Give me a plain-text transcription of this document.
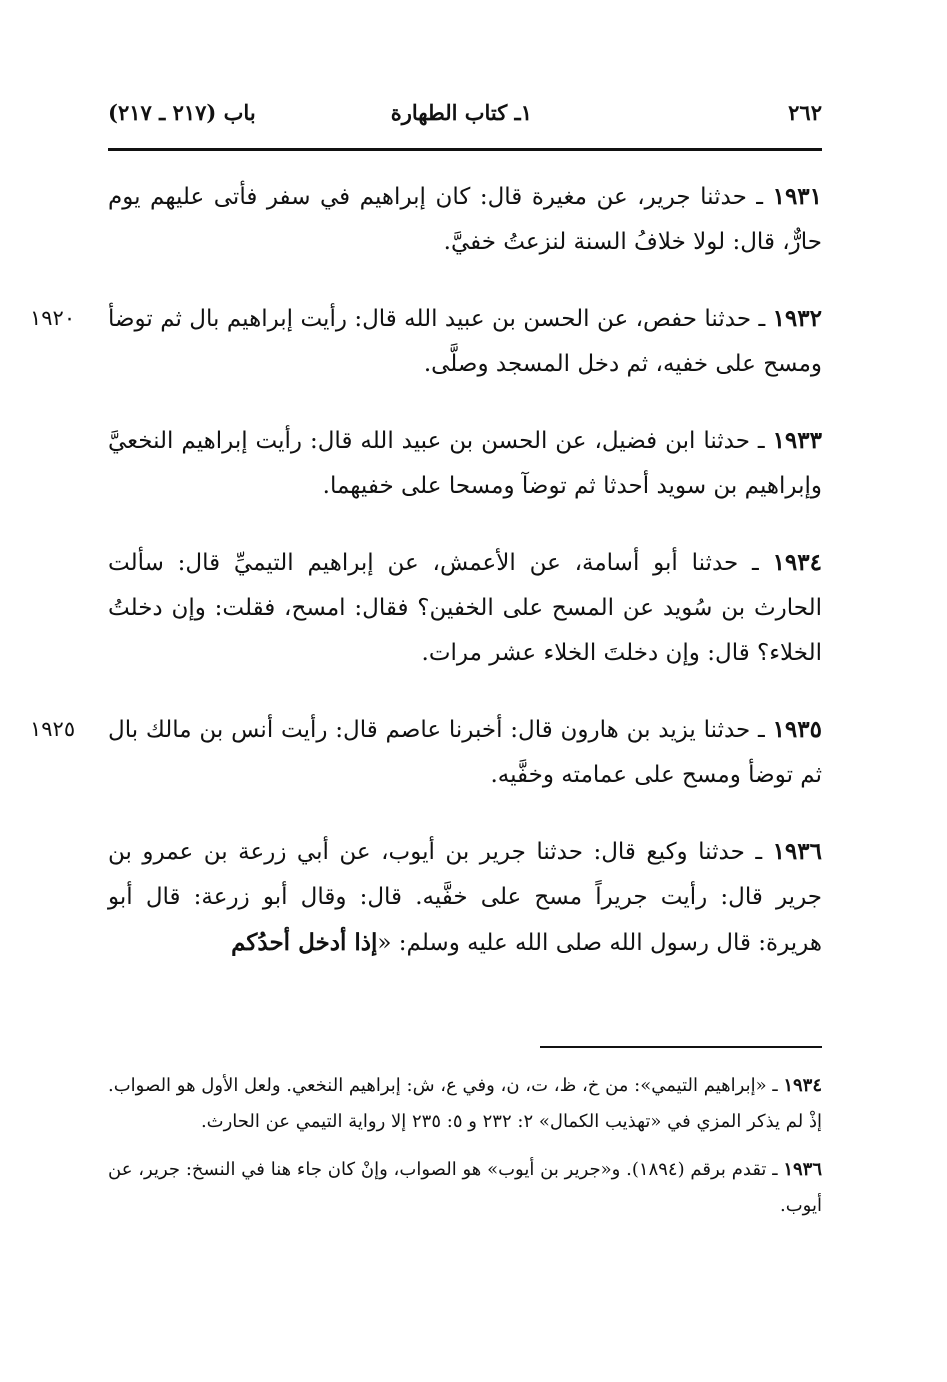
٢٦٢
١ـ كتاب الطهارة
باب (٢١٧ ـ ٢١٧)

١٩٣١ ـ حدثنا جرير، عن مغيرة قال: كان إبراهيم في سفر فأتى عليهم يوم حارٌّ، قال: لولا خلافُ السنة لنزعتُ خفيَّ.

١٩٢٠	١٩٣٢ ـ حدثنا حفص، عن الحسن بن عبيد الله قال: رأيت إبراهيم بال ثم توضأ ومسح على خفيه، ثم دخل المسجد وصلَّى.

١٩٣٣ ـ حدثنا ابن فضيل، عن الحسن بن عبيد الله قال: رأيت إبراهيم النخعيَّ وإبراهيم بن سويد أحدثا ثم توضآ ومسحا على خفيهما.

١٩٣٤ ـ حدثنا أبو أسامة، عن الأعمش، عن إبراهيم التيميِّ قال: سألت الحارث بن سُويد عن المسح على الخفين؟ فقال: امسح، فقلت: وإن دخلتُ الخلاء؟ قال: وإن دخلتَ الخلاء عشر مرات.

١٩٢٥	١٩٣٥ ـ حدثنا يزيد بن هارون قال: أخبرنا عاصم قال: رأيت أنس بن مالك بال ثم توضأ ومسح على عمامته وخفَّيه.

١٩٣٦ ـ حدثنا وكيع قال: حدثنا جرير بن أيوب، عن أبي زرعة بن عمرو بن جرير قال: رأيت جريراً مسح على خفَّيه. قال: وقال أبو زرعة: قال أبو هريرة: قال رسول الله صلى الله عليه وسلم: «إذا أدخل أحدُكم

١٩٣٤ ـ «إبراهيم التيمي»: من خ، ظ، ت، ن، وفي ع، ش: إبراهيم النخعي. ولعل الأول هو الصواب. إذْ لم يذكر المزي في «تهذيب الكمال» ٢: ٢٣٢ و ٥: ٢٣٥ إلا رواية التيمي عن الحارث.

١٩٣٦ ـ تقدم برقم (١٨٩٤). و«جرير بن أيوب» هو الصواب، وإنْ كان جاء هنا في النسخ: جرير، عن أيوب.
